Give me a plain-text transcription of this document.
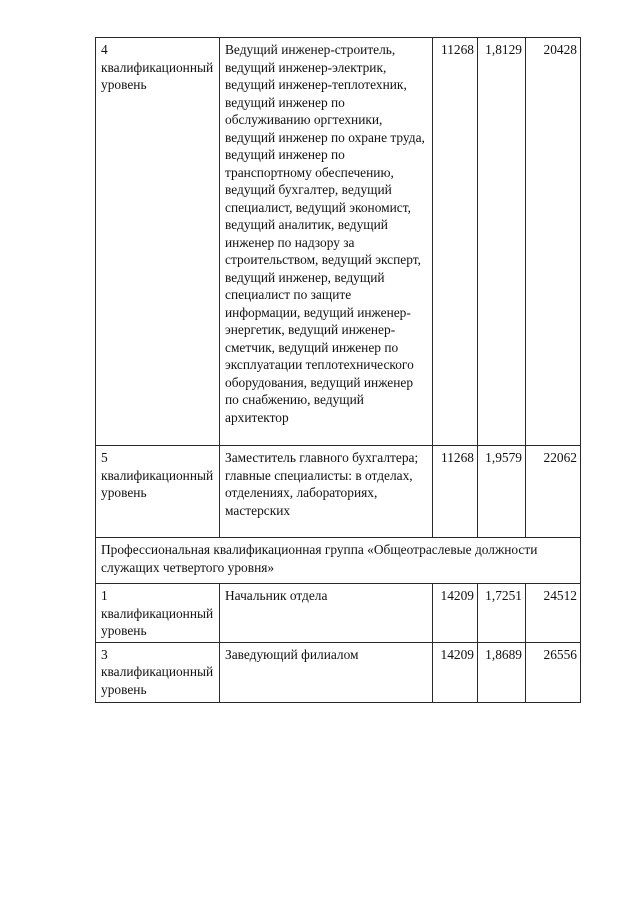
4
квалификационный уровень	Ведущий инженер-строитель, ведущий инженер-электрик, ведущий инженер-теплотехник, ведущий инженер по обслуживанию оргтехники, ведущий инженер по охране труда, ведущий инженер по транспортному обеспечению, ведущий бухгалтер, ведущий специалист, ведущий экономист, ведущий аналитик, ведущий инженер по надзору за строительством, ведущий эксперт, ведущий инженер, ведущий специалист по защите информации, ведущий инженер-энергетик, ведущий инженер-сметчик, ведущий инженер по эксплуатации теплотехнического оборудования, ведущий инженер по снабжению, ведущий архитектор	11268	1,8129	20428

5
квалификационный уровень	Заместитель главного бухгалтера; главные специалисты: в отделах, отделениях, лабораториях, мастерских	11268	1,9579	22062
Профессиональная квалификационная группа «Общеотраслевые должности служащих четвертого уровня»				

1
квалификационный уровень	Начальник отдела	14209	1,7251	24512

3
квалификационный уровень	Заведующий филиалом	14209	1,8689	26556
